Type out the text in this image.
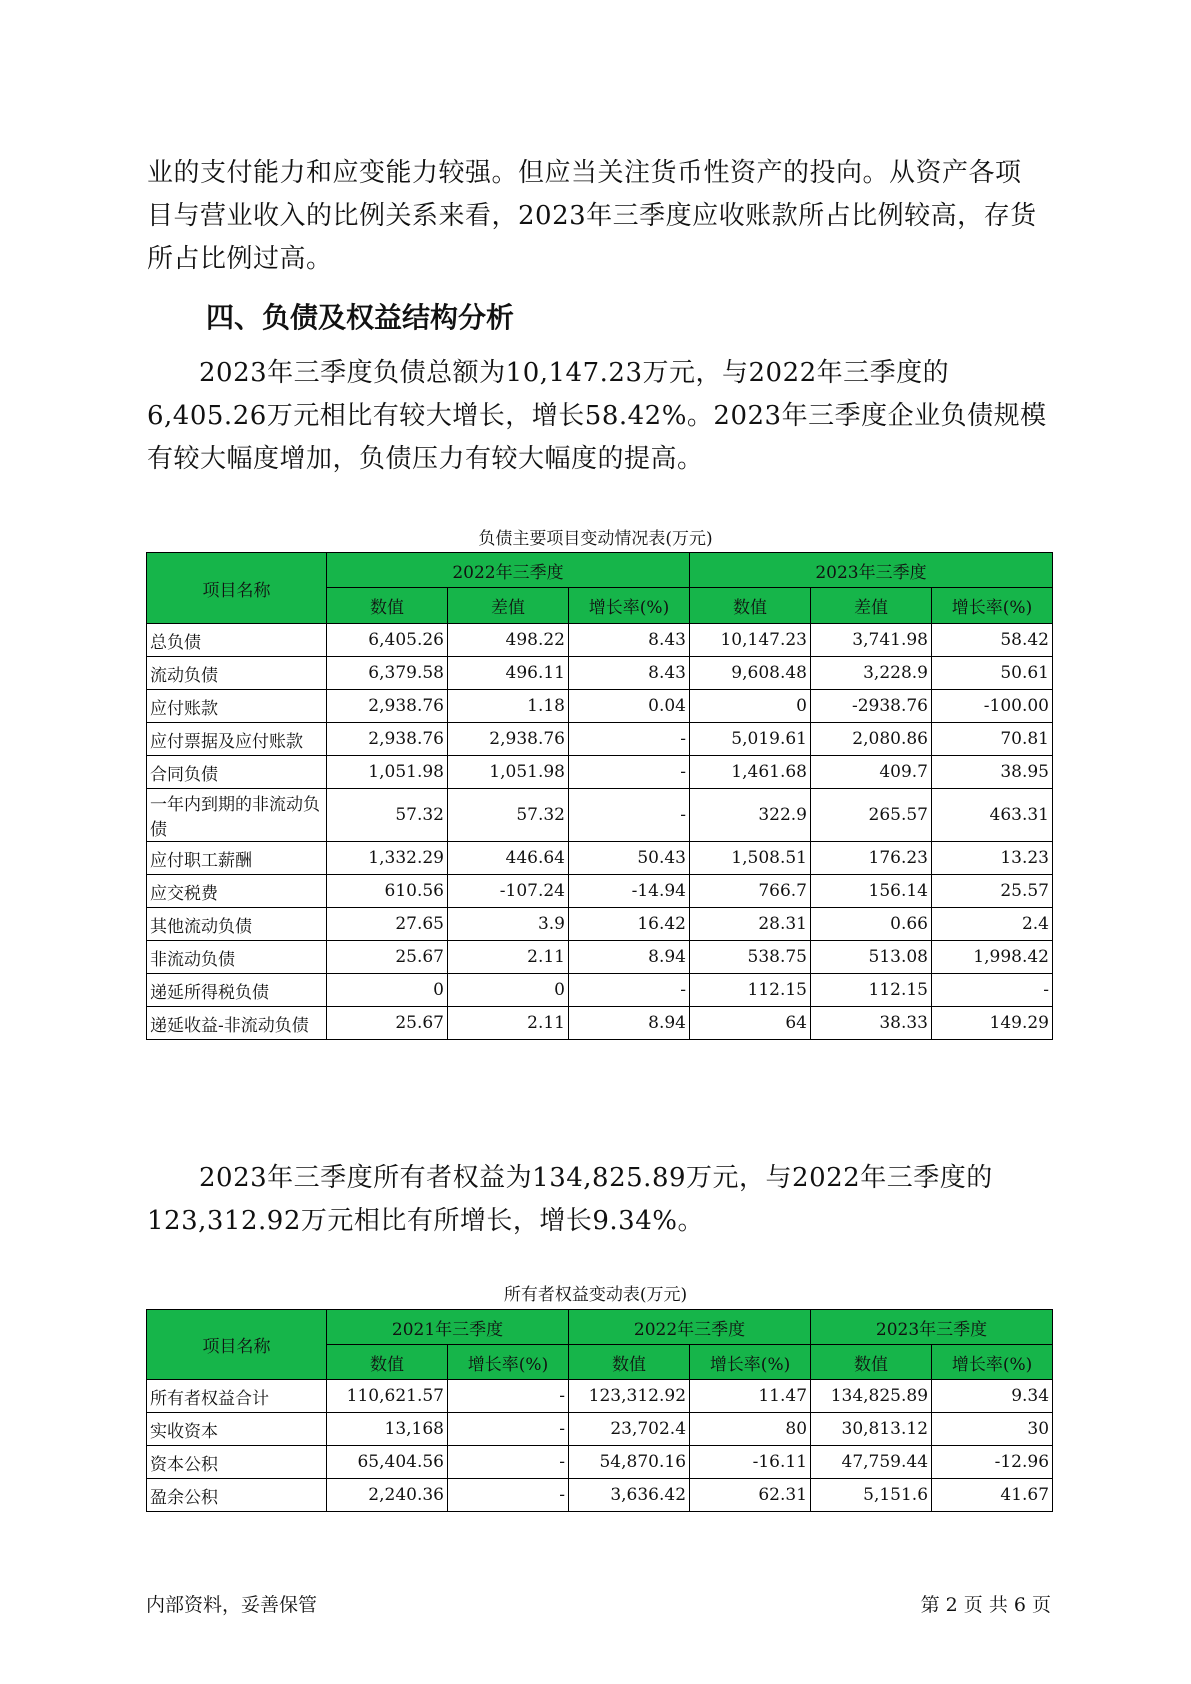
业的支付能力和应变能力较强。但应当关注货币性资产的投向。从资产各项目与营业收入的比例关系来看，2023年三季度应收账款所占比例较高，存货所占比例过高。

四、负债及权益结构分析

2023年三季度负债总额为10,147.23万元，与2022年三季度的6,405.26万元相比有较大增长，增长58.42%。2023年三季度企业负债规模有较大幅度增加，负债压力有较大幅度的提高。

负债主要项目变动情况表(万元)
项目名称	2022年三季度			2023年三季度		
	数值	差值	增长率(%)	数值	差值	增长率(%)
总负债	6,405.26	498.22	8.43	10,147.23	3,741.98	58.42
流动负债	6,379.58	496.11	8.43	9,608.48	3,228.9	50.61
应付账款	2,938.76	1.18	0.04	0	-2938.76	-100.00
应付票据及应付账款	2,938.76	2,938.76	-	5,019.61	2,080.86	70.81
合同负债	1,051.98	1,051.98	-	1,461.68	409.7	38.95
一年内到期的非流动负债	57.32	57.32	-	322.9	265.57	463.31
应付职工薪酬	1,332.29	446.64	50.43	1,508.51	176.23	13.23
应交税费	610.56	-107.24	-14.94	766.7	156.14	25.57
其他流动负债	27.65	3.9	16.42	28.31	0.66	2.4
非流动负债	25.67	2.11	8.94	538.75	513.08	1,998.42
递延所得税负债	0	0	-	112.15	112.15	-
递延收益-非流动负债	25.67	2.11	8.94	64	38.33	149.29

2023年三季度所有者权益为134,825.89万元，与2022年三季度的123,312.92万元相比有所增长，增长9.34%。

所有者权益变动表(万元)
项目名称	2021年三季度		2022年三季度		2023年三季度	
	数值	增长率(%)	数值	增长率(%)	数值	增长率(%)
所有者权益合计	110,621.57	-	123,312.92	11.47	134,825.89	9.34
实收资本	13,168	-	23,702.4	80	30,813.12	30
资本公积	65,404.56	-	54,870.16	-16.11	47,759.44	-12.96
盈余公积	2,240.36	-	3,636.42	62.31	5,151.6	41.67
内部资料，妥善保管	第 2 页 共 6 页
